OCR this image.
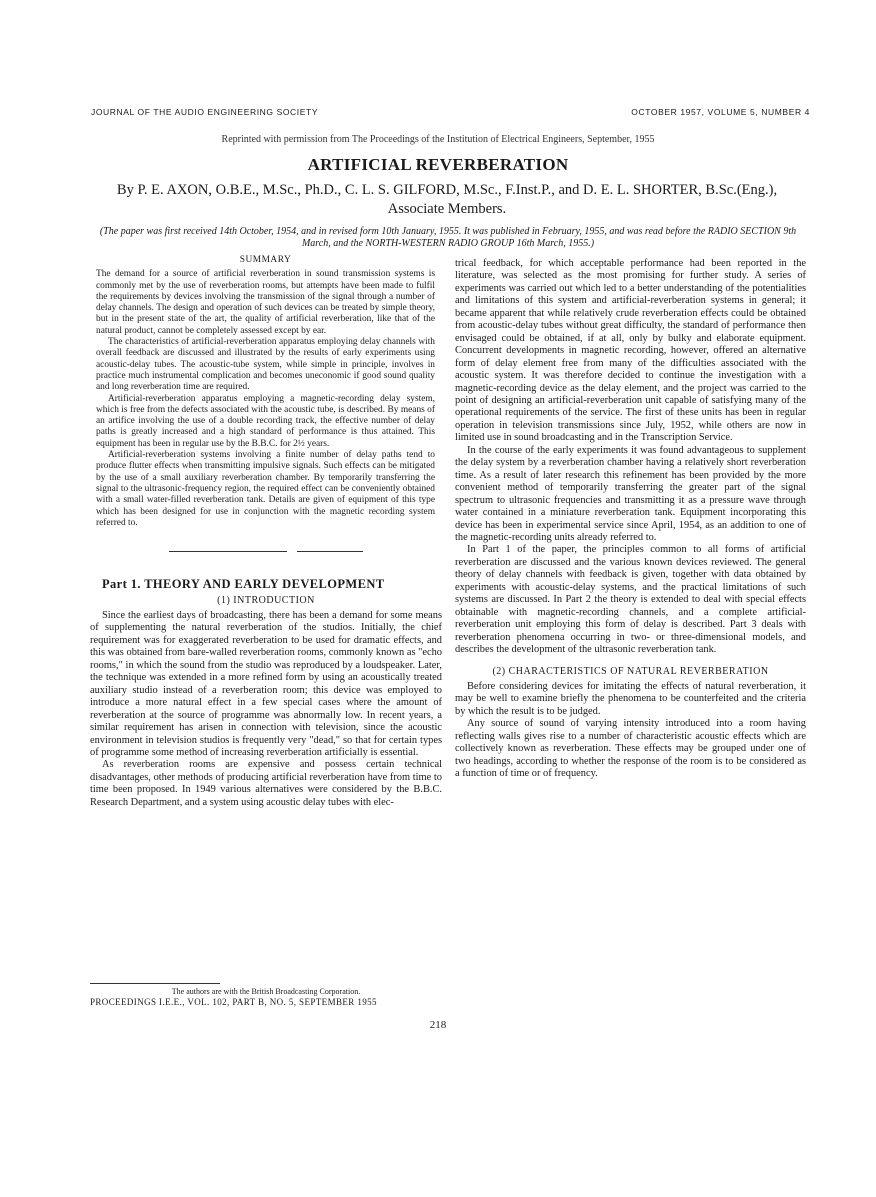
JOURNAL OF THE AUDIO ENGINEERING SOCIETY	OCTOBER 1957, VOLUME 5, NUMBER 4
Reprinted with permission from The Proceedings of the Institution of Electrical Engineers, September, 1955
ARTIFICIAL REVERBERATION
By P. E. AXON, O.B.E., M.Sc., Ph.D., C. L. S. GILFORD, M.Sc., F.Inst.P., and D. E. L. SHORTER, B.Sc.(Eng.), Associate Members.
(The paper was first received 14th October, 1954, and in revised form 10th January, 1955. It was published in February, 1955, and was read before the RADIO SECTION 9th March, and the NORTH-WESTERN RADIO GROUP 16th March, 1955.)
SUMMARY

The demand for a source of artificial reverberation in sound transmission systems is commonly met by the use of reverberation rooms, but attempts have been made to fulfil the requirements by devices involving the transmission of the signal through a number of delay channels. The design and operation of such devices can be treated by simple theory, but in the present state of the art, the quality of artificial reverberation, like that of the natural product, cannot be completely assessed except by ear.

The characteristics of artificial-reverberation apparatus employing delay channels with overall feedback are discussed and illustrated by the results of early experiments using acoustic-delay tubes. The acoustic-tube system, while simple in principle, involves in practice much instrumental complication and becomes uneconomic if good sound quality and long reverberation time are required.

Artificial-reverberation apparatus employing a magnetic-recording delay system, which is free from the defects associated with the acoustic tube, is described. By means of an artifice involving the use of a double recording track, the effective number of delay paths is greatly increased and a high standard of performance is thus attained. This equipment has been in regular use by the B.B.C. for 2½ years.

Artificial-reverberation systems involving a finite number of delay paths tend to produce flutter effects when transmitting impulsive signals. Such effects can be mitigated by the use of a small auxiliary reverberation chamber. By temporarily transferring the signal to the ultrasonic-frequency region, the required effect can be conveniently obtained with a small water-filled reverberation tank. Details are given of equipment of this type which has been designed for use in conjunction with the magnetic recording system referred to.

Part 1. THEORY AND EARLY DEVELOPMENT
(1) INTRODUCTION

Since the earliest days of broadcasting, there has been a demand for some means of supplementing the natural reverberation of the studios. Initially, the chief requirement was for exaggerated reverberation to be used for dramatic effects, and this was obtained from bare-walled reverberation rooms, commonly known as "echo rooms," in which the sound from the studio was reproduced by a loudspeaker. Later, the technique was extended in a more refined form by using an acoustically treated auxiliary studio instead of a reverberation room; this device was employed to introduce a more natural effect in a few special cases where the amount of reverberation at the source of programme was abnormally low. In recent years, a similar requirement has arisen in connection with television, since the acoustic environment in television studios is frequently very "dead," so that for certain types of programme some method of increasing reverberation artificially is essential.

As reverberation rooms are expensive and possess certain technical disadvantages, other methods of producing artificial reverberation have from time to time been proposed. In 1949 various alternatives were considered by the B.B.C. Research Department, and a system using acoustic delay tubes with elec-

trical feedback, for which acceptable performance had been reported in the literature, was selected as the most promising for further study. A series of experiments was carried out which led to a better understanding of the potentialities and limitations of this system and artificial-reverberation systems in general; it became apparent that while relatively crude reverberation effects could be obtained from acoustic-delay tubes without great difficulty, the standard of performance then envisaged could be obtained, if at all, only by bulky and elaborate equipment. Concurrent developments in magnetic recording, however, offered an alternative form of delay element free from many of the difficulties associated with the acoustic system. It was therefore decided to continue the investigation with a magnetic-recording device as the delay element, and the project was carried to the point of designing an artificial-reverberation unit capable of satisfying many of the operational requirements of the service. The first of these units has been in regular operation in television transmissions since July, 1952, while others are now in limited use in sound broadcasting and in the Transcription Service.

In the course of the early experiments it was found advantageous to supplement the delay system by a reverberation chamber having a relatively short reverberation time. As a result of later research this refinement has been provided by the more convenient method of temporarily transferring the greater part of the signal spectrum to ultrasonic frequencies and transmitting it as a pressure wave through water contained in a miniature reverberation tank. Equipment incorporating this device has been in experimental service since April, 1954, as an addition to one of the magnetic-recording units already referred to.

In Part 1 of the paper, the principles common to all forms of artificial reverberation are discussed and the various known devices reviewed. The general theory of delay channels with feedback is given, together with data obtained by experiments with acoustic-delay systems, and the practical limitations of such systems are discussed. In Part 2 the theory is extended to deal with special effects obtainable with magnetic-recording channels, and a complete artificial-reverberation unit employing this form of delay is described. Part 3 deals with reverberation phenomena occurring in two- or three-dimensional models, and describes the development of the ultrasonic reverberation tank.

(2) CHARACTERISTICS OF NATURAL REVERBERATION

Before considering devices for imitating the effects of natural reverberation, it may be well to examine briefly the phenomena to be counterfeited and the criteria by which the result is to be judged.

Any source of sound of varying intensity introduced into a room having reflecting walls gives rise to a number of characteristic acoustic effects which are collectively known as reverberation. These effects may be grouped under one of two headings, according to whether the response of the room is to be considered as a function of time or of frequency.

The authors are with the British Broadcasting Corporation.
PROCEEDINGS I.E.E., VOL. 102, PART B, NO. 5, SEPTEMBER 1955
218
